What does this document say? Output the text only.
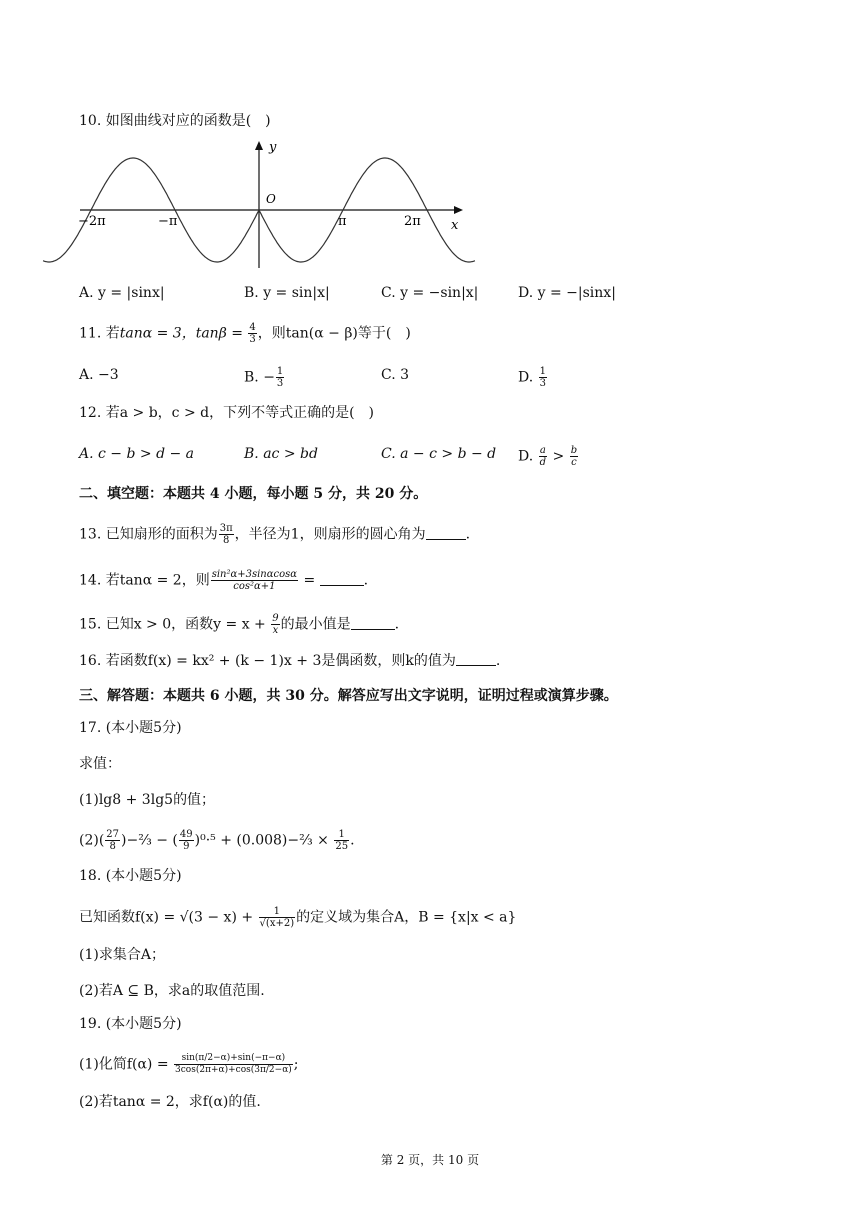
10. 如图曲线对应的函数是(　)
y
x
O
−2π	−π	π	2π
A. y = |sinx|	B. y = sin|x|	C. y = −sin|x|	D. y = −|sinx|
11. 若tanα = 3，$\tan\beta = \frac{4}{3}$ ，则tan(α − β)等于(　)
A. −3	B. − $\frac{1}{3}$	C. 3	D. $\frac{1}{3}$
12. 若a > b，c > d，下列不等式正确的是(　)
A. c − b > d − a	B. ac > bd	C. a − c > b − d D. $\frac{a}{d} > \frac{b}{c}$
二、填空题：本题共 4 小题，每小题 5 分，共 20 分。
13. 已知扇形的面积为 $\frac{3\pi}{8}$ ，半径为1，则扇形的圆心角为	.
14. 若tanα = 2，则 $\frac{\text{sin²α+3sinαcosα}}{\text{cos²α+1}}$ =	.
15. 已知x > 0，函数$y = x + \frac{9}{x}$ 的最小值是	.
16. 若函数f(x) = kx² + (k − 1)x + 3是偶函数，则k的值为	.
三、解答题：本题共 6 小题，共 30 分。解答应写出文字说明，证明过程或演算步骤。
17. (本小题5分)
求值：
(1)lg8 + 3lg5的值；
$(2)( \frac{27}{8}$ )−⅔ − ( $\frac{49}{9} )^0\cdot^5$ + (0.008)−⅔ × $\frac{1}{25}$ .
18. (本小题5分)
已知函数$f(x) = √(3 - x) + \frac{1}{√(x+2)}$ 的定义域为集合A，B = {x|x < a}
(1)求集合A；
(2)若A ⊆ B，求a的取值范围.
19. (本小题5分)
(1)化简$f(\alpha) = \frac{\sin(\pi/2-\alpha)+\sin(-\pi-\alpha)}{3\cos(2\pi+\alpha)+\cos(3\pi/2-\alpha)}$ ;
(2)若tanα = 2，求f(α)的值.
第 2 页，共 10 页
